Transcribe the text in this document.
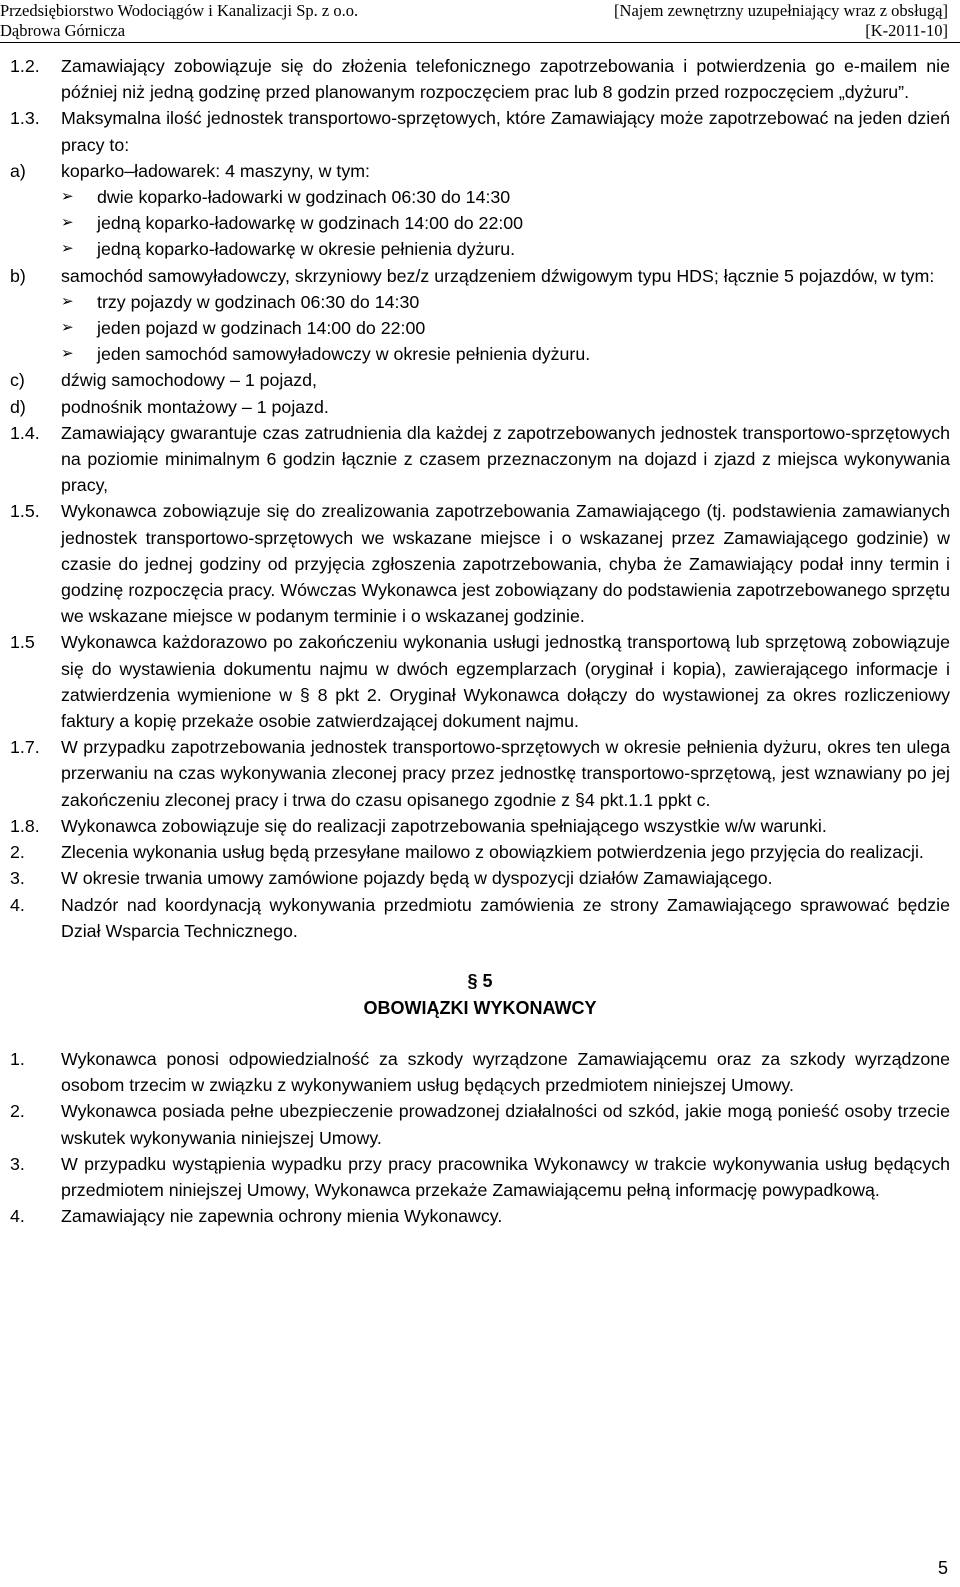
Przedsiębiorstwo Wodociągów i Kanalizacji Sp. z o.o.
Dąbrowa Górnicza
[Najem zewnętrzny uzupełniający wraz z obsługą]
[K-2011-10]
1.2.	Zamawiający zobowiązuje się do złożenia telefonicznego zapotrzebowania i potwierdzenia go e-mailem nie później niż jedną godzinę przed planowanym rozpoczęciem prac lub 8 godzin przed rozpoczęciem „dyżuru”.
1.3.	Maksymalna ilość jednostek transportowo-sprzętowych, które Zamawiający może zapotrzebować na jeden dzień pracy to:
a)	koparko–ładowarek: 4 maszyny, w tym:
➢	dwie koparko-ładowarki w godzinach 06:30 do 14:30
➢	jedną koparko-ładowarkę w godzinach 14:00 do 22:00
➢	jedną koparko-ładowarkę w okresie pełnienia dyżuru.
b)	samochód samowyładowczy, skrzyniowy bez/z urządzeniem dźwigowym typu HDS; łącznie 5 pojazdów, w tym:
➢	trzy pojazdy w godzinach 06:30 do 14:30
➢	jeden pojazd w godzinach 14:00 do 22:00
➢	jeden samochód samowyładowczy w okresie pełnienia dyżuru.
c)	dźwig samochodowy – 1 pojazd,
d)	podnośnik montażowy – 1 pojazd.
1.4.	Zamawiający gwarantuje czas zatrudnienia dla każdej z zapotrzebowanych jednostek transportowo-sprzętowych na poziomie minimalnym 6 godzin łącznie z czasem przeznaczonym na dojazd i zjazd z miejsca wykonywania pracy,
1.5.	Wykonawca zobowiązuje się do zrealizowania zapotrzebowania Zamawiającego (tj. podstawienia zamawianych jednostek transportowo-sprzętowych we wskazane miejsce i o wskazanej przez Zamawiającego godzinie) w czasie do jednej godziny od przyjęcia zgłoszenia zapotrzebowania, chyba że Zamawiający podał inny termin i godzinę rozpoczęcia pracy. Wówczas Wykonawca jest zobowiązany do podstawienia zapotrzebowanego sprzętu we wskazane miejsce w podanym terminie i o wskazanej godzinie.
1.5	Wykonawca każdorazowo po zakończeniu wykonania usługi jednostką transportową lub sprzętową zobowiązuje się do wystawienia dokumentu najmu w dwóch egzemplarzach (oryginał i kopia), zawierającego informacje i zatwierdzenia wymienione w § 8 pkt 2. Oryginał Wykonawca dołączy do wystawionej za okres rozliczeniowy faktury a kopię przekaże osobie zatwierdzającej dokument najmu.
1.7.	W przypadku zapotrzebowania jednostek transportowo-sprzętowych w okresie pełnienia dyżuru, okres ten ulega przerwaniu na czas wykonywania zleconej pracy przez jednostkę transportowo-sprzętową, jest wznawiany po jej zakończeniu zleconej pracy i trwa do czasu opisanego zgodnie z §4 pkt.1.1 ppkt c.
1.8.	Wykonawca zobowiązuje się do realizacji zapotrzebowania spełniającego wszystkie w/w warunki.
2.	Zlecenia wykonania usług będą przesyłane mailowo z obowiązkiem potwierdzenia jego przyjęcia do realizacji.
3.	W okresie trwania umowy zamówione pojazdy będą w dyspozycji działów Zamawiającego.
4.	Nadzór nad koordynacją wykonywania przedmiotu zamówienia ze strony Zamawiającego sprawować będzie Dział Wsparcia Technicznego.
§ 5
OBOWIĄZKI WYKONAWCY
1.	Wykonawca ponosi odpowiedzialność za szkody wyrządzone Zamawiającemu oraz za szkody wyrządzone osobom trzecim w związku z wykonywaniem usług będących przedmiotem niniejszej Umowy.
2.	Wykonawca posiada pełne ubezpieczenie prowadzonej działalności od szkód, jakie mogą ponieść osoby trzecie wskutek wykonywania niniejszej Umowy.
3.	W przypadku wystąpienia wypadku przy pracy pracownika Wykonawcy w trakcie wykonywania usług będących przedmiotem niniejszej Umowy, Wykonawca przekaże Zamawiającemu pełną informację powypadkową.
4.	Zamawiający nie zapewnia ochrony mienia Wykonawcy.
5
